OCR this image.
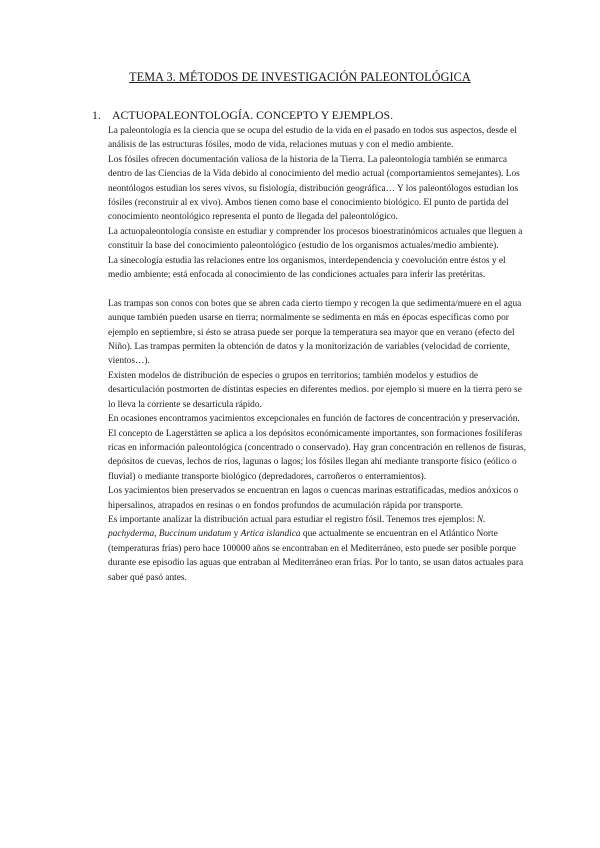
TEMA 3. MÉTODOS DE INVESTIGACIÓN PALEONTOLÓGICA
1. ACTUOPALEONTOLOGÍA. CONCEPTO Y EJEMPLOS.

La paleontología es la ciencia que se ocupa del estudio de la vida en el pasado en todos sus aspectos, desde el análisis de las estructuras fósiles, modo de vida, relaciones mutuas y con el medio ambiente.

Los fósiles ofrecen documentación valiosa de la historia de la Tierra. La paleontología también se enmarca dentro de las Ciencias de la Vida debido al conocimiento del medio actual (comportamientos semejantes). Los neontólogos estudian los seres vivos, su fisiología, distribución geográfica… Y los paleontólogos estudian los fósiles (reconstruir al ex vivo). Ambos tienen como base el conocimiento biológico. El punto de partida del conocimiento neontológico representa el punto de llegada del paleontológico.

La actuopaleontología consiste en estudiar y comprender los procesos bioestratinómicos actuales que lleguen a constituir la base del conocimiento paleontológico (estudio de los organismos actuales/medio ambiente).

La sinecología estudia las relaciones entre los organismos, interdependencia y coevolución entre éstos y el medio ambiente; está enfocada al conocimiento de las condiciones actuales para inferir las pretéritas.

Las trampas son conos con botes que se abren cada cierto tiempo y recogen la que sedimenta/muere en el agua aunque también pueden usarse en tierra; normalmente se sedimenta en más en épocas específicas como por ejemplo en septiembre, si ésto se atrasa puede ser porque la temperatura sea mayor que en verano (efecto del Niño). Las trampas permiten la obtención de datos y la monitorización de variables (velocidad de corriente, vientos…).

Existen modelos de distribución de especies o grupos en territorios; también modelos y estudios de desarticulación postmorten de distintas especies en diferentes medios. por ejemplo si muere en la tierra pero se lo lleva la corriente se desarticula rápido.

En ocasiones encontramos yacimientos excepcionales en función de factores de concentración y preservación. El concepto de Lagerstätten se aplica a los depósitos económicamente importantes, son formaciones fosilíferas ricas en información paleontológica (concentrado o conservado). Hay gran concentración en rellenos de fisuras, depósitos de cuevas, lechos de ríos, lagunas o lagos; los fósiles llegan ahí mediante transporte físico (eólico o fluvial) o mediante transporte biológico (depredadores, carroñeros o enterramientos).

Los yacimientos bien preservados se encuentran en lagos o cuencas marinas estratificadas, medios anóxicos o hipersalinos, atrapados en resinas o en fondos profundos de acumulación rápida por transporte.

Es importante analizar la distribución actual para estudiar el registro fósil. Tenemos tres ejemplos: N. pachyderma, Buccinum undatum y Artica islandica que actualmente se encuentran en el Atlántico Norte (temperaturas frías) pero hace 100000 años se encontraban en el Mediterráneo, esto puede ser posible porque durante ese episodio las aguas que entraban al Mediterráneo eran frías. Por lo tanto, se usan datos actuales para saber qué pasó antes.
